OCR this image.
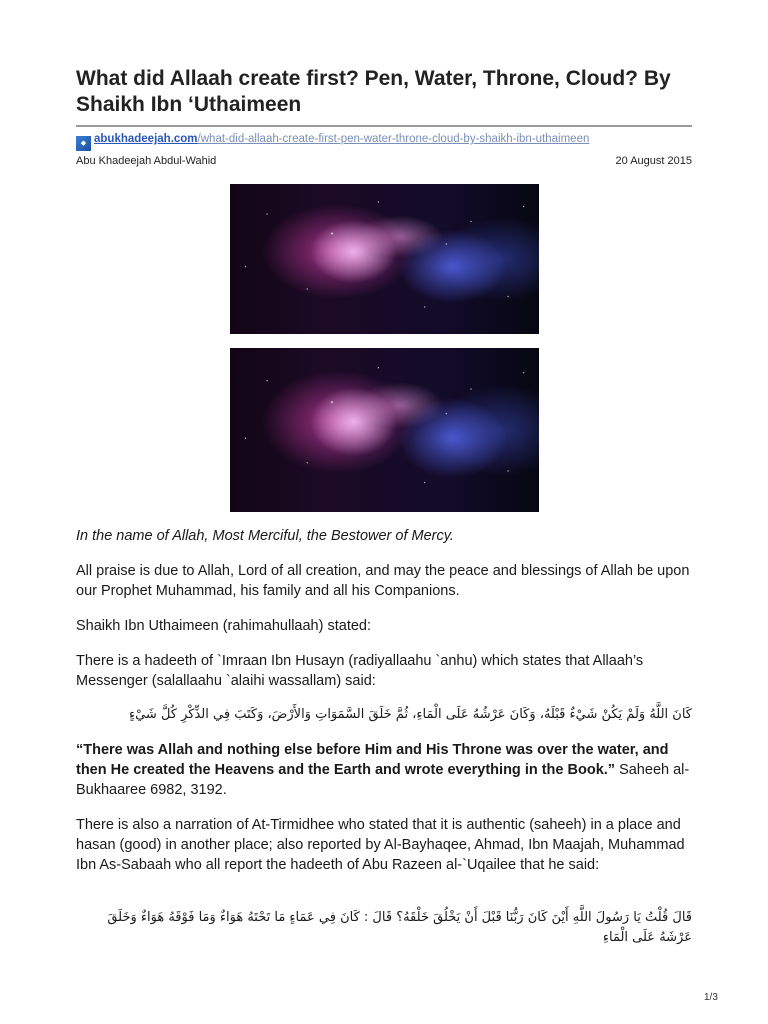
What did Allaah create first? Pen, Water, Throne, Cloud? By Shaikh Ibn ‘Uthaimeen
◆ abukhadeejah.com/what-did-allaah-create-first-pen-water-throne-cloud-by-shaikh-ibn-uthaimeen
Abu Khadeejah Abdul-Wahid	20 August 2015

In the name of Allah, Most Merciful, the Bestower of Mercy.

All praise is due to Allah, Lord of all creation, and may the peace and blessings of Allah be upon our Prophet Muhammad, his family and all his Companions.

Shaikh Ibn Uthaimeen (rahimahullaah) stated:

There is a hadeeth of `Imraan Ibn Husayn (radiyallaahu `anhu) which states that Allaah’s Messenger (salallaahu `alaihi wassallam) said:

كَانَ اللَّهُ وَلَمْ يَكُنْ شَيْءٌ قَبْلَهُ، وَكَانَ عَرْشُهُ عَلَى الْمَاءِ، ثُمَّ خَلَقَ السَّمَوَاتِ وَالأَرْضَ، وَكَتَبَ فِي الذِّكْرِ كُلَّ شَيْءٍ

“There was Allah and nothing else before Him and His Throne was over the water, and then He created the Heavens and the Earth and wrote everything in the Book.” Saheeh al-Bukhaaree 6982, 3192.

There is also a narration of At-Tirmidhee who stated that it is authentic (saheeh) in a place and hasan (good) in another place; also reported by Al-Bayhaqee, Ahmad, Ibn Maajah, Muhammad Ibn As-Sabaah who all report the hadeeth of Abu Razeen al-`Uqailee that he said:

قَالَ قُلْتُ يَا رَسُولَ اللَّهِ أَيْنَ كَانَ رَبُّنَا قَبْلَ أَنْ يَخْلُقَ خَلْقَهُ؟ قَالَ : كَانَ فِي عَمَاءٍ مَا تَحْتَهُ هَوَاءٌ وَمَا فَوْقَهُ هَوَاءٌ وَخَلَقَ عَرْشَهُ عَلَى الْمَاءِ

1/3
